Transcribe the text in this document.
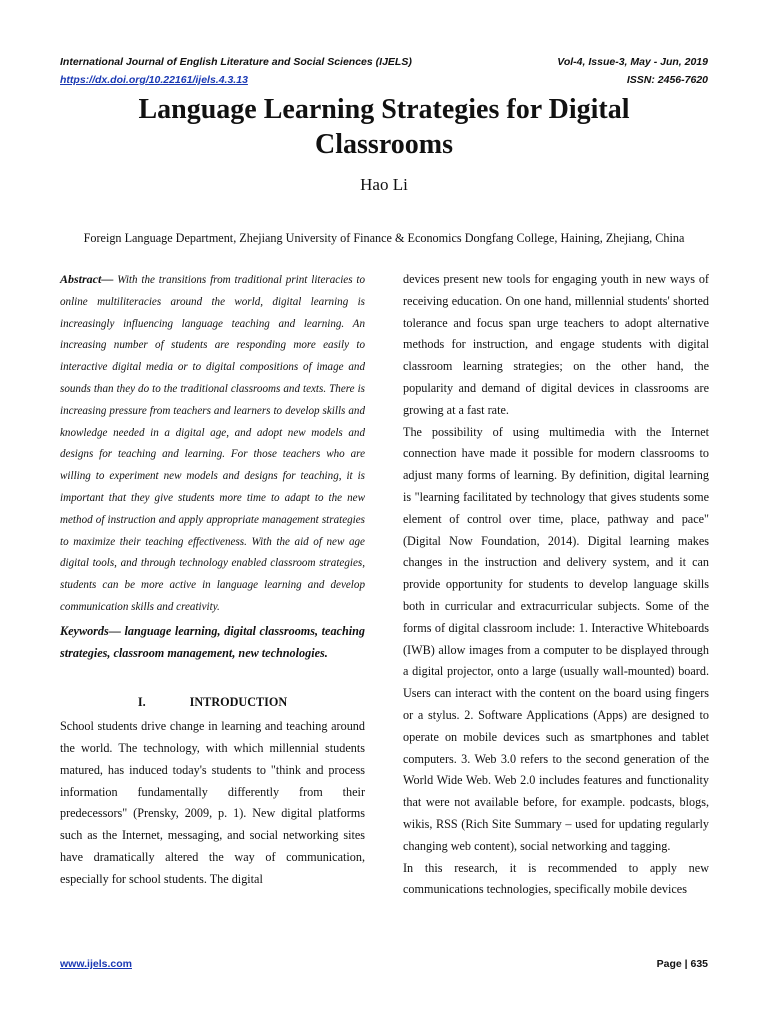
International Journal of English Literature and Social Sciences (IJELS)	Vol-4, Issue-3, May - Jun, 2019
https://dx.doi.org/10.22161/ijels.4.3.13	ISSN: 2456-7620
Language Learning Strategies for Digital
Classrooms
Hao Li
Foreign Language Department, Zhejiang University of Finance & Economics Dongfang College, Haining, Zhejiang, China

Abstract— With the transitions from traditional print literacies to online multiliteracies around the world, digital learning is increasingly influencing language teaching and learning. An increasing number of students are responding more easily to interactive digital media or to digital compositions of image and sounds than they do to the traditional classrooms and texts. There is increasing pressure from teachers and learners to develop skills and knowledge needed in a digital age, and adopt new models and designs for teaching and learning. For those teachers who are willing to experiment new models and designs for teaching, it is important that they give students more time to adapt to the new method of instruction and apply appropriate management strategies to maximize their teaching effectiveness. With the aid of new age digital tools, and through technology enabled classroom strategies, students can be more active in language learning and develop communication skills and creativity.

Keywords— language learning, digital classrooms, teaching strategies, classroom management, new technologies.

I.	INTRODUCTION

School students drive change in learning and teaching around the world. The technology, with which millennial students matured, has induced today's students to "think and process information fundamentally differently from their predecessors" (Prensky, 2009, p. 1). New digital platforms such as the Internet, messaging, and social networking sites have dramatically altered the way of communication, especially for school students. The digital

devices present new tools for engaging youth in new ways of receiving education. On one hand, millennial students' shorted tolerance and focus span urge teachers to adopt alternative methods for instruction, and engage students with digital classroom learning strategies; on the other hand, the popularity and demand of digital devices in classrooms are growing at a fast rate.

The possibility of using multimedia with the Internet connection have made it possible for modern classrooms to adjust many forms of learning. By definition, digital learning is "learning facilitated by technology that gives students some element of control over time, place, pathway and pace" (Digital Now Foundation, 2014). Digital learning makes changes in the instruction and delivery system, and it can provide opportunity for students to develop language skills both in curricular and extracurricular subjects. Some of the forms of digital classroom include: 1. Interactive Whiteboards (IWB) allow images from a computer to be displayed through a digital projector, onto a large (usually wall-mounted) board. Users can interact with the content on the board using fingers or a stylus. 2. Software Applications (Apps) are designed to operate on mobile devices such as smartphones and tablet computers. 3. Web 3.0 refers to the second generation of the World Wide Web. Web 2.0 includes features and functionality that were not available before, for example. podcasts, blogs, wikis, RSS (Rich Site Summary – used for updating regularly changing web content), social networking and tagging.

In this research, it is recommended to apply new communications technologies, specifically mobile devices

www.ijels.com	Page | 635
